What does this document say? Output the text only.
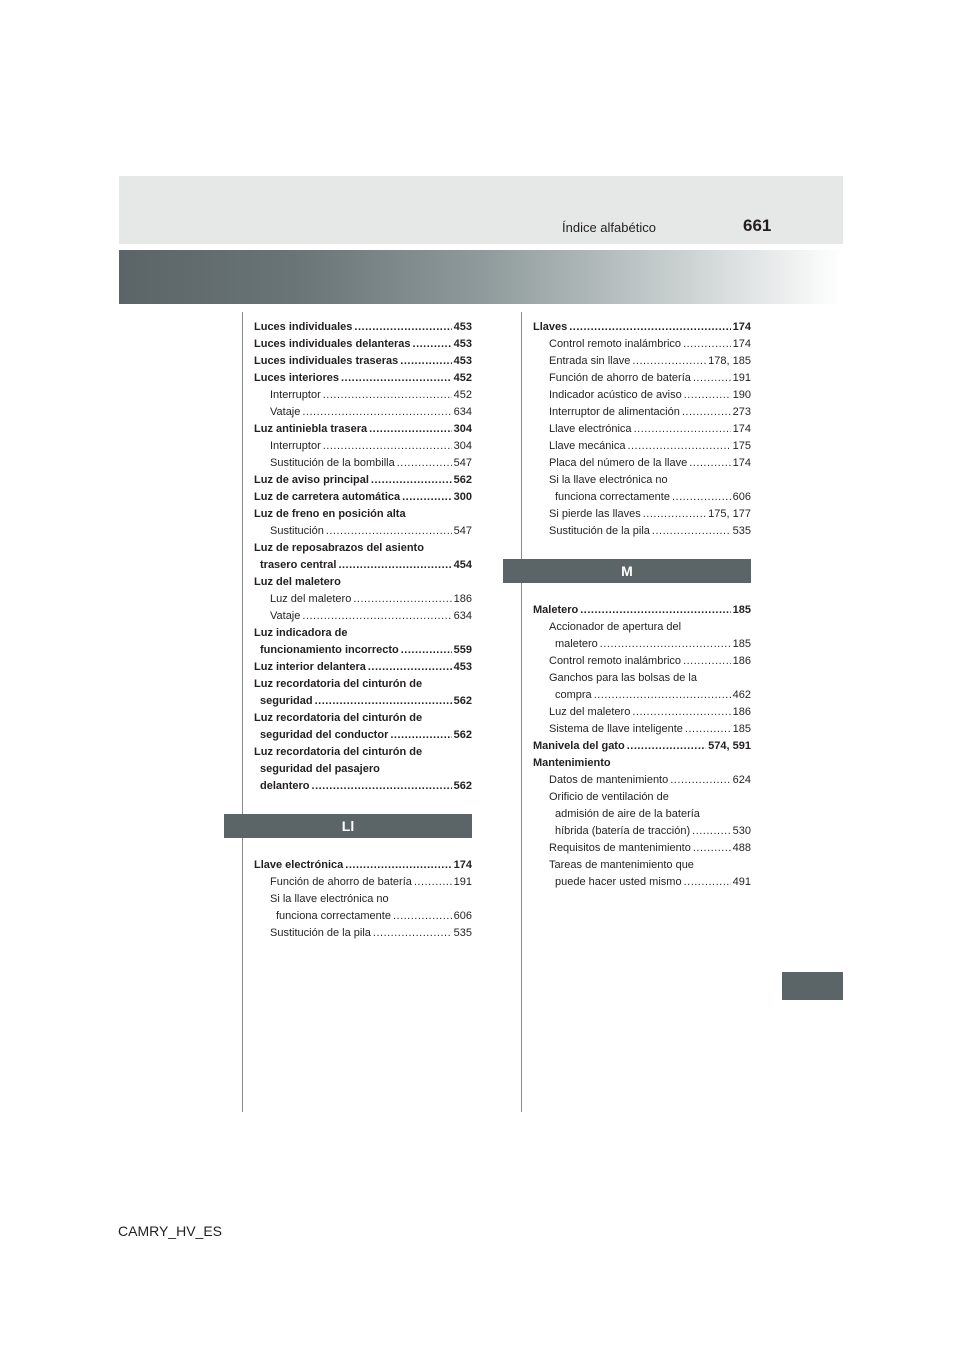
Índice alfabético	661
Luces individuales .....	453
Luces individuales delanteras .....	453
Luces individuales traseras .....	453
Luces interiores .....	452
Interruptor .....	452
Vataje .....	634
Luz antiniebla trasera .....	304
Interruptor .....	304
Sustitución de la bombilla .....	547
Luz de aviso principal .....	562
Luz de carretera automática .....	300
Luz de freno en posición alta
Sustitución .....	547
Luz de reposabrazos del asiento
trasero central .....	454
Luz del maletero
Luz del maletero .....	186
Vataje .....	634
Luz indicadora de
funcionamiento incorrecto .....	559
Luz interior delantera .....	453
Luz recordatoria del cinturón de
seguridad .....	562
Luz recordatoria del cinturón de
seguridad del conductor .....	562
Luz recordatoria del cinturón de
seguridad del pasajero
delantero .....	562
Ll
Llave electrónica .....	174
Función de ahorro de batería .....	191
Si la llave electrónica no
funciona correctamente .....	606
Sustitución de la pila .....	535
Llaves .....	174
Control remoto inalámbrico .....	174
Entrada sin llave .....	178, 185
Función de ahorro de batería .....	191
Indicador acústico de aviso .....	190
Interruptor de alimentación .....	273
Llave electrónica .....	174
Llave mecánica .....	175
Placa del número de la llave .....	174
Si la llave electrónica no
funciona correctamente .....	606
Si pierde las llaves .....	175, 177
Sustitución de la pila .....	535
M
Maletero .....	185
Accionador de apertura del
maletero .....	185
Control remoto inalámbrico .....	186
Ganchos para las bolsas de la
compra .....	462
Luz del maletero .....	186
Sistema de llave inteligente .....	185
Manivela del gato .....	574, 591
Mantenimiento
Datos de mantenimiento .....	624
Orificio de ventilación de
admisión de aire de la batería
híbrida (batería de tracción) .....	530
Requisitos de mantenimiento .....	488
Tareas de mantenimiento que
puede hacer usted mismo .....	491
CAMRY_HV_ES
